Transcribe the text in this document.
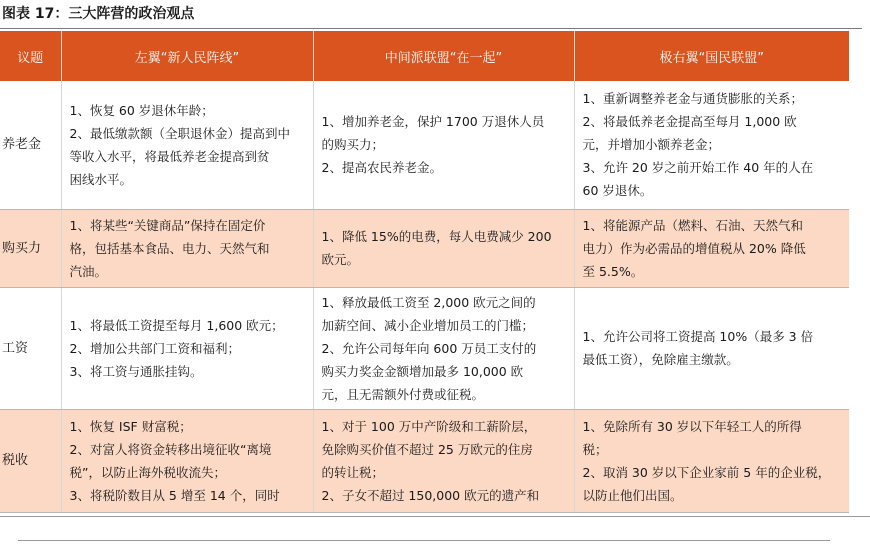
图表 17：三大阵营的政治观点
议题	左翼“新人民阵线”	中间派联盟“在一起”	极右翼“国民联盟”
养老金	1、恢复 60 岁退休年龄；
2、最低缴款额（全职退休金）提高到中
等收入水平，将最低养老金提高到贫
困线水平。	1、增加养老金，保护 1700 万退休人员
的购买力；
2、提高农民养老金。	1、重新调整养老金与通货膨胀的关系；
2、将最低养老金提高至每月 1,000 欧
元，并增加小额养老金；
3、允许 20 岁之前开始工作 40 年的人在
60 岁退休。

购买力	1、将某些“关键商品”保持在固定价
格，包括基本食品、电力、天然气和
汽油。	1、降低 15%的电费，每人电费减少 200
欧元。	1、将能源产品（燃料、石油、天然气和
电力）作为必需品的增值税从 20% 降低
至 5.5%。

工资	1、将最低工资提至每月 1,600 欧元；
2、增加公共部门工资和福利；
3、将工资与通胀挂钩。	1、释放最低工资至 2,000 欧元之间的
加薪空间、减小企业增加员工的门槛；
2、允许公司每年向 600 万员工支付的
购买力奖金金额增加最多 10,000 欧
元，且无需额外付费或征税。	1、允许公司将工资提高 10%（最多 3 倍
最低工资），免除雇主缴款。

税收	1、恢复 ISF 财富税；
2、对富人将资金转移出境征收“离境
税”，以防止海外税收流失；
3、将税阶数目从 5 增至 14 个，同时	1、对于 100 万中产阶级和工薪阶层，
免除购买价值不超过 25 万欧元的住房
的转让税；
2、子女不超过 150,000 欧元的遗产和	1、免除所有 30 岁以下年轻工人的所得
税；
2、取消 30 岁以下企业家前 5 年的企业税，
以防止他们出国。
